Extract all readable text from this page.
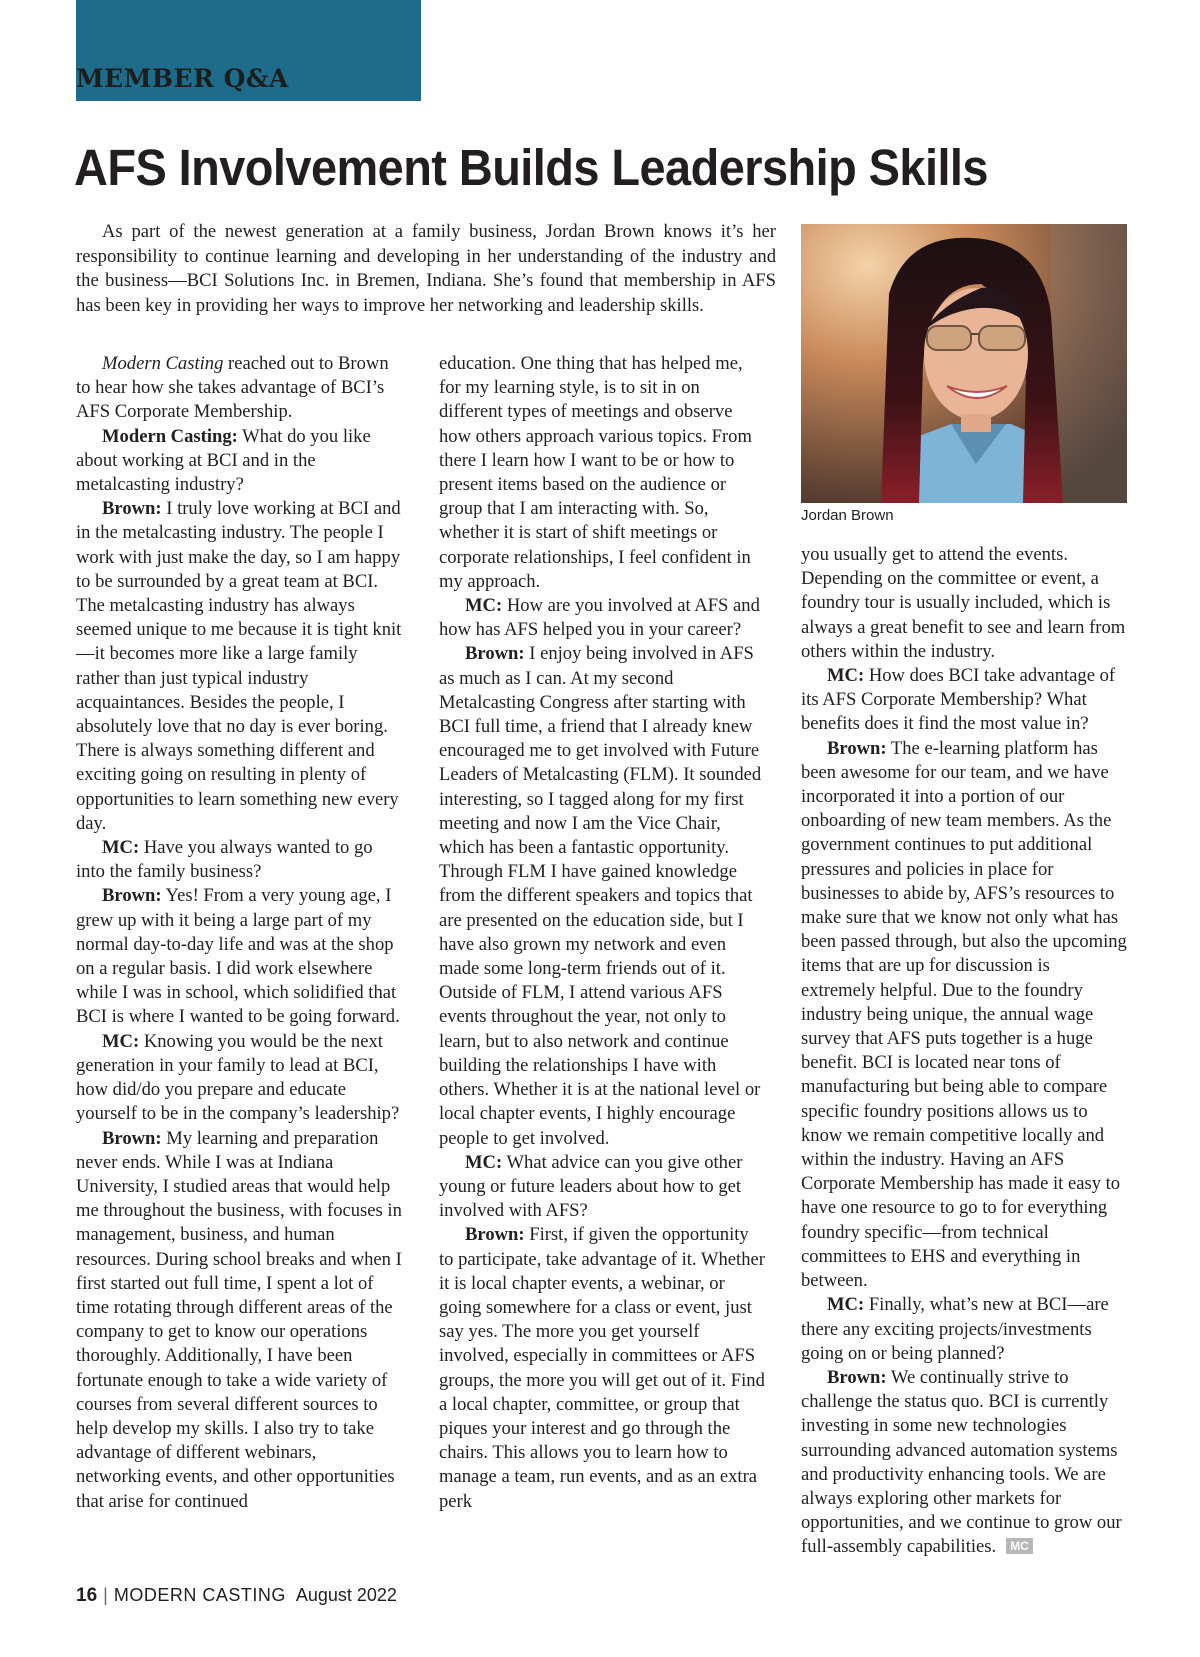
MEMBER Q&A
AFS Involvement Builds Leadership Skills

As part of the newest generation at a family business, Jordan Brown knows it’s her responsibility to continue learning and developing in her understanding of the industry and the business—BCI Solutions Inc. in Bremen, Indiana. She’s found that membership in AFS has been key in providing her ways to improve her networking and leadership skills.

Jordan Brown

Modern Casting reached out to Brown to hear how she takes advantage of BCI’s AFS Corporate Membership.

Modern Casting: What do you like about working at BCI and in the metalcasting industry?

Brown: I truly love working at BCI and in the metalcasting industry. The people I work with just make the day, so I am happy to be surrounded by a great team at BCI. The metalcasting industry has always seemed unique to me because it is tight knit—it becomes more like a large family rather than just typical industry acquaintances. Besides the people, I absolutely love that no day is ever boring. There is always something different and exciting going on resulting in plenty of opportunities to learn something new every day.

MC: Have you always wanted to go into the family business?

Brown: Yes! From a very young age, I grew up with it being a large part of my normal day-to-day life and was at the shop on a regular basis. I did work elsewhere while I was in school, which solidified that BCI is where I wanted to be going forward.

MC: Knowing you would be the next generation in your family to lead at BCI, how did/do you prepare and educate yourself to be in the company’s leadership?

Brown: My learning and preparation never ends. While I was at Indiana University, I studied areas that would help me throughout the business, with focuses in management, business, and human resources. During school breaks and when I first started out full time, I spent a lot of time rotating through different areas of the company to get to know our operations thoroughly. Additionally, I have been fortunate enough to take a wide variety of courses from several different sources to help develop my skills. I also try to take advantage of different webinars, networking events, and other opportunities that arise for continued

education. One thing that has helped me, for my learning style, is to sit in on different types of meetings and observe how others approach various topics. From there I learn how I want to be or how to present items based on the audience or group that I am interacting with. So, whether it is start of shift meetings or corporate relationships, I feel confident in my approach.

MC: How are you involved at AFS and how has AFS helped you in your career?

Brown: I enjoy being involved in AFS as much as I can. At my second Metalcasting Congress after starting with BCI full time, a friend that I already knew encouraged me to get involved with Future Leaders of Metalcasting (FLM). It sounded interesting, so I tagged along for my first meeting and now I am the Vice Chair, which has been a fantastic opportunity. Through FLM I have gained knowledge from the different speakers and topics that are presented on the education side, but I have also grown my network and even made some long-term friends out of it. Outside of FLM, I attend various AFS events throughout the year, not only to learn, but to also network and continue building the relationships I have with others. Whether it is at the national level or local chapter events, I highly encourage people to get involved.

MC: What advice can you give other young or future leaders about how to get involved with AFS?

Brown: First, if given the opportunity to participate, take advantage of it. Whether it is local chapter events, a webinar, or going somewhere for a class or event, just say yes. The more you get yourself involved, especially in committees or AFS groups, the more you will get out of it. Find a local chapter, committee, or group that piques your interest and go through the chairs. This allows you to learn how to manage a team, run events, and as an extra perk

you usually get to attend the events. Depending on the committee or event, a foundry tour is usually included, which is always a great benefit to see and learn from others within the industry.

MC: How does BCI take advantage of its AFS Corporate Membership? What benefits does it find the most value in?

Brown: The e-learning platform has been awesome for our team, and we have incorporated it into a portion of our onboarding of new team members. As the government continues to put additional pressures and policies in place for businesses to abide by, AFS’s resources to make sure that we know not only what has been passed through, but also the upcoming items that are up for discussion is extremely helpful. Due to the foundry industry being unique, the annual wage survey that AFS puts together is a huge benefit. BCI is located near tons of manufacturing but being able to compare specific foundry positions allows us to know we remain competitive locally and within the industry. Having an AFS Corporate Membership has made it easy to have one resource to go to for everything foundry specific—from technical committees to EHS and everything in between.

MC: Finally, what’s new at BCI—are there any exciting projects/investments going on or being planned?

Brown: We continually strive to challenge the status quo. BCI is currently investing in some new technologies surrounding advanced automation systems and productivity enhancing tools. We are always exploring other markets for opportunities, and we continue to grow our full-assembly capabilities. MC

16 | MODERN CASTING August 2022
